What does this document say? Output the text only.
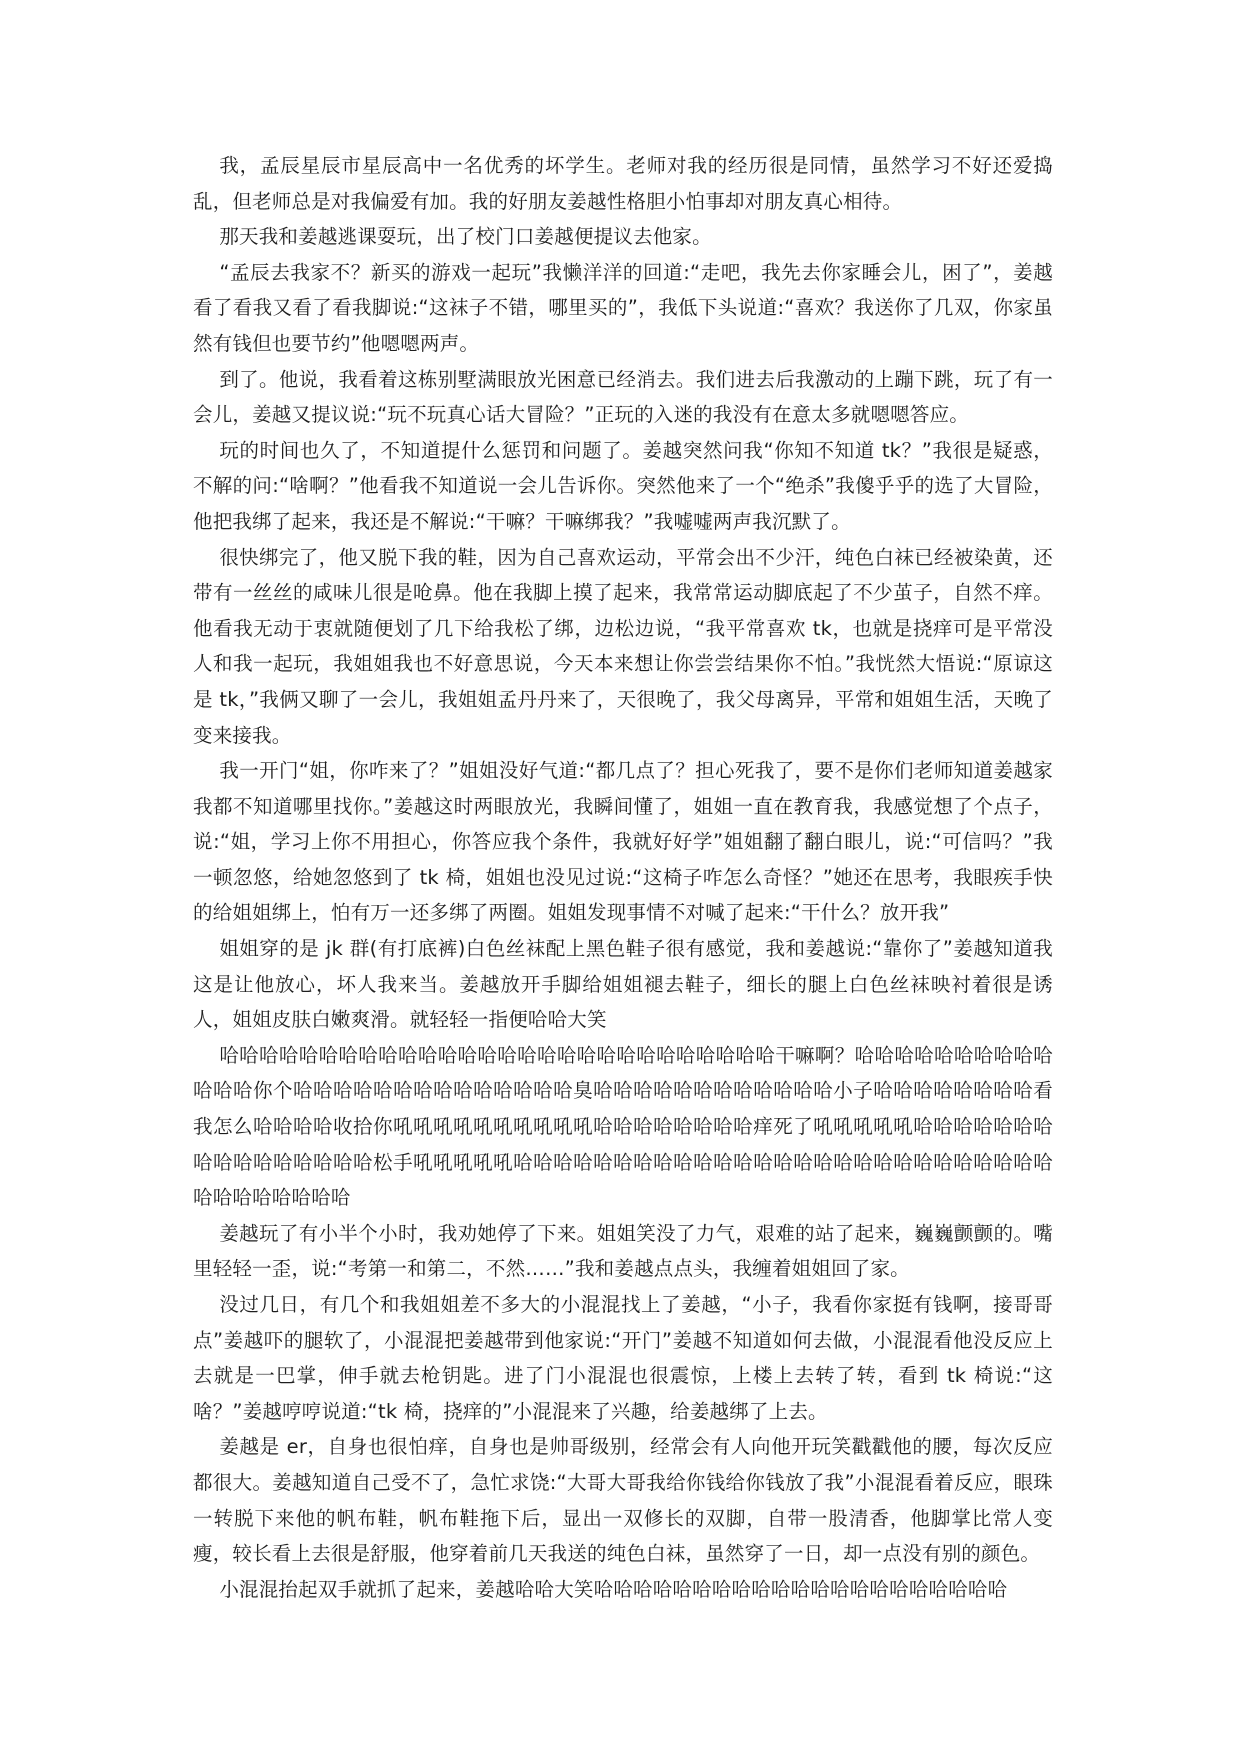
我，孟辰星辰市星辰高中一名优秀的坏学生。老师对我的经历很是同情，虽然学习不好还爱捣乱，但老师总是对我偏爱有加。我的好朋友姜越性格胆小怕事却对朋友真心相待。

那天我和姜越逃课耍玩，出了校门口姜越便提议去他家。

“孟辰去我家不？新买的游戏一起玩”我懒洋洋的回道:“走吧，我先去你家睡会儿，困了”，姜越看了看我又看了看我脚说:“这袜子不错，哪里买的”，我低下头说道:“喜欢？我送你了几双，你家虽然有钱但也要节约”他嗯嗯两声。

到了。他说，我看着这栋别墅满眼放光困意已经消去。我们进去后我激动的上蹦下跳，玩了有一会儿，姜越又提议说:“玩不玩真心话大冒险？”正玩的入迷的我没有在意太多就嗯嗯答应。

玩的时间也久了，不知道提什么惩罚和问题了。姜越突然问我“你知不知道 tk？”我很是疑惑，不解的问:“啥啊？”他看我不知道说一会儿告诉你。突然他来了一个“绝杀”我傻乎乎的选了大冒险，他把我绑了起来，我还是不解说:“干嘛？干嘛绑我？”我嘘嘘两声我沉默了。

很快绑完了，他又脱下我的鞋，因为自己喜欢运动，平常会出不少汗，纯色白袜已经被染黄，还带有一丝丝的咸味儿很是呛鼻。他在我脚上摸了起来，我常常运动脚底起了不少茧子，自然不痒。他看我无动于衷就随便划了几下给我松了绑，边松边说，“我平常喜欢 tk，也就是挠痒可是平常没人和我一起玩，我姐姐我也不好意思说，今天本来想让你尝尝结果你不怕。”我恍然大悟说:“原谅这是 tk，”我俩又聊了一会儿，我姐姐孟丹丹来了，天很晚了，我父母离异，平常和姐姐生活，天晚了变来接我。

我一开门“姐，你咋来了？”姐姐没好气道:“都几点了？担心死我了，要不是你们老师知道姜越家我都不知道哪里找你。”姜越这时两眼放光，我瞬间懂了，姐姐一直在教育我，我感觉想了个点子，说:“姐，学习上你不用担心，你答应我个条件，我就好好学”姐姐翻了翻白眼儿，说:“可信吗？”我一顿忽悠，给她忽悠到了 tk 椅，姐姐也没见过说:“这椅子咋怎么奇怪？”她还在思考，我眼疾手快的给姐姐绑上，怕有万一还多绑了两圈。姐姐发现事情不对喊了起来:“干什么？放开我”

姐姐穿的是 jk 群(有打底裤)白色丝袜配上黑色鞋子很有感觉，我和姜越说:“靠你了”姜越知道我这是让他放心，坏人我来当。姜越放开手脚给姐姐褪去鞋子，细长的腿上白色丝袜映衬着很是诱人，姐姐皮肤白嫩爽滑。就轻轻一指便哈哈大笑

哈哈哈哈哈哈哈哈哈哈哈哈哈哈哈哈哈哈哈哈哈哈哈哈哈哈哈哈干嘛啊？哈哈哈哈哈哈哈哈哈哈哈哈哈你个哈哈哈哈哈哈哈哈哈哈哈哈哈哈臭哈哈哈哈哈哈哈哈哈哈哈哈小子哈哈哈哈哈哈哈哈看我怎么哈哈哈哈收拾你吼吼吼吼吼吼吼吼吼吼哈哈哈哈哈哈哈哈痒死了吼吼吼吼吼哈哈哈哈哈哈哈哈哈哈哈哈哈哈哈哈松手吼吼吼吼吼哈哈哈哈哈哈哈哈哈哈哈哈哈哈哈哈哈哈哈哈哈哈哈哈哈哈哈哈哈哈哈哈哈哈哈

姜越玩了有小半个小时，我劝她停了下来。姐姐笑没了力气，艰难的站了起来，巍巍颤颤的。嘴里轻轻一歪，说:“考第一和第二，不然……”我和姜越点点头，我缠着姐姐回了家。

没过几日，有几个和我姐姐差不多大的小混混找上了姜越，“小子，我看你家挺有钱啊，接哥哥点”姜越吓的腿软了，小混混把姜越带到他家说:“开门”姜越不知道如何去做，小混混看他没反应上去就是一巴掌，伸手就去枪钥匙。进了门小混混也很震惊，上楼上去转了转，看到 tk 椅说:“这啥？”姜越哼哼说道:“tk 椅，挠痒的”小混混来了兴趣，给姜越绑了上去。

姜越是 er，自身也很怕痒，自身也是帅哥级别，经常会有人向他开玩笑戳戳他的腰，每次反应都很大。姜越知道自己受不了，急忙求饶:“大哥大哥我给你钱给你钱放了我”小混混看着反应，眼珠一转脱下来他的帆布鞋，帆布鞋拖下后，显出一双修长的双脚，自带一股清香，他脚掌比常人变瘦，较长看上去很是舒服，他穿着前几天我送的纯色白袜，虽然穿了一日，却一点没有别的颜色。

小混混抬起双手就抓了起来，姜越哈哈大笑哈哈哈哈哈哈哈哈哈哈哈哈哈哈哈哈哈哈哈哈哈
